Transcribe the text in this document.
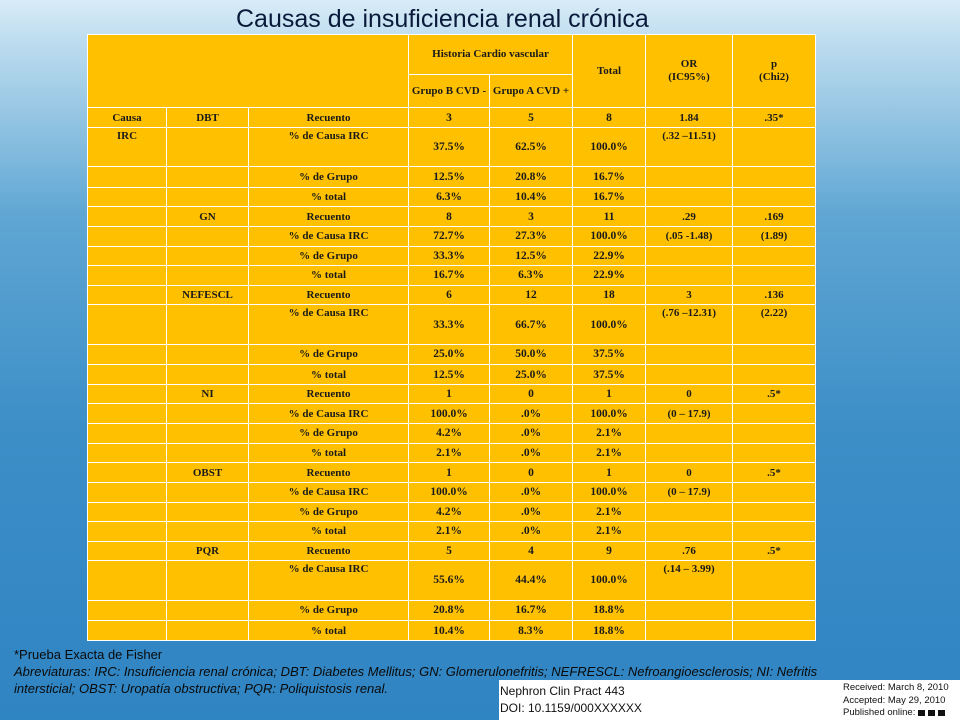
Causas de insuficiencia renal crónica
			Historia Cardio vascular		Total	OR
(IC95%)	p
(Chi2)
			Grupo B CVD -	Grupo A CVD +			
Causa	DBT	Recuento	3	5	8	1.84	.35*
IRC		% de Causa IRC	37.5%	62.5%	100.0%	(.32 –11.51)	
		% de Grupo	12.5%	20.8%	16.7%		
		% total	6.3%	10.4%	16.7%		
	GN	Recuento	8	3	11	.29	.169
		% de Causa IRC	72.7%	27.3%	100.0%	(.05 -1.48)	(1.89)
		% de Grupo	33.3%	12.5%	22.9%		
		% total	16.7%	6.3%	22.9%		
	NEFESCL	Recuento	6	12	18	3	.136
		% de Causa IRC	33.3%	66.7%	100.0%	(.76 –12.31)	(2.22)
		% de Grupo	25.0%	50.0%	37.5%		
		% total	12.5%	25.0%	37.5%		
	NI	Recuento	1	0	1	0	.5*
		% de Causa IRC	100.0%	.0%	100.0%	(0 – 17.9)	
		% de Grupo	4.2%	.0%	2.1%		
		% total	2.1%	.0%	2.1%		
	OBST	Recuento	1	0	1	0	.5*
		% de Causa IRC	100.0%	.0%	100.0%	(0 – 17.9)	
		% de Grupo	4.2%	.0%	2.1%		
		% total	2.1%	.0%	2.1%		
	PQR	Recuento	5	4	9	.76	.5*
		% de Causa IRC	55.6%	44.4%	100.0%	(.14 – 3.99)	
		% de Grupo	20.8%	16.7%	18.8%		
		% total	10.4%	8.3%	18.8%		
*Prueba Exacta de Fisher
Abreviaturas: IRC: Insuficiencia renal crónica; DBT: Diabetes Mellitus; GN: Glomerulonefritis; NEFRESCL: Nefroangioesclerosis; NI: Nefritis
intersticial; OBST: Uropatía obstructiva; PQR: Poliquistosis renal.	Nephron Clin Pract 443
DOI: 10.1159/000XXXXXX
Received: March 8, 2010
Accepted: May 29, 2010
Published online:
